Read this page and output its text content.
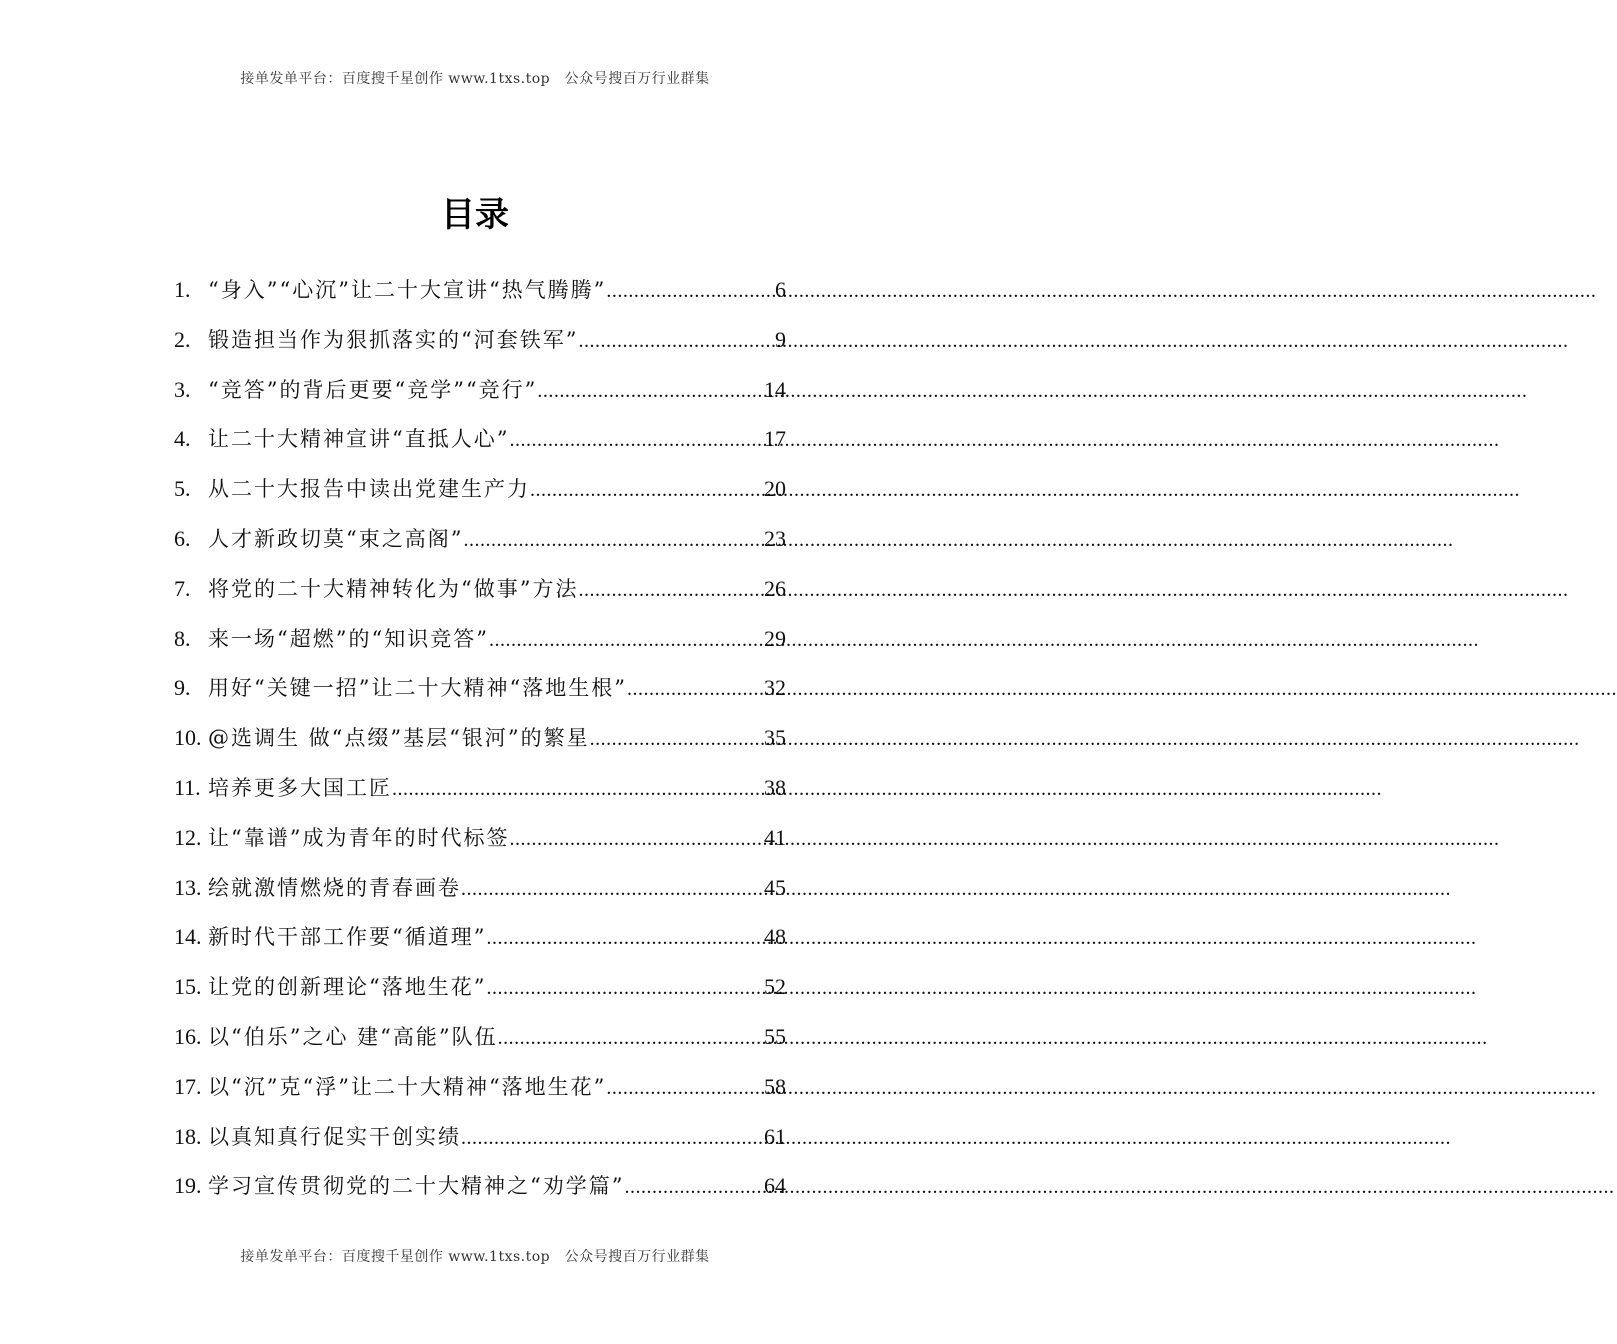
接单发单平台：百度搜千星创作 www.1txs.top　公众号搜百万行业群集
目录
1. “身入”“心沉”让二十大宣讲“热气腾腾” .....	6
2. 锻造担当作为狠抓落实的“河套铁军” .....	9
3. “竞答”的背后更要“竞学”“竞行” .....	14
4. 让二十大精神宣讲“直抵人心” .....	17
5. 从二十大报告中读出党建生产力 .....	20
6. 人才新政切莫“束之高阁” .....	23
7. 将党的二十大精神转化为“做事”方法 .....	26
8. 来一场“超燃”的“知识竞答” .....	29
9. 用好“关键一招”让二十大精神“落地生根” .....	32
10. @选调生 做“点缀”基层“银河”的繁星 .....	35
11. 培养更多大国工匠 .....	38
12. 让“靠谱”成为青年的时代标签 .....	41
13. 绘就激情燃烧的青春画卷 .....	45
14. 新时代干部工作要“循道理” .....	48
15. 让党的创新理论“落地生花” .....	52
16. 以“伯乐”之心 建“高能”队伍 .....	55
17. 以“沉”克“浮”让二十大精神“落地生花” .....	58
18. 以真知真行促实干创实绩 .....	61
19. 学习宣传贯彻党的二十大精神之“劝学篇” .....	64
接单发单平台：百度搜千星创作 www.1txs.top　公众号搜百万行业群集
